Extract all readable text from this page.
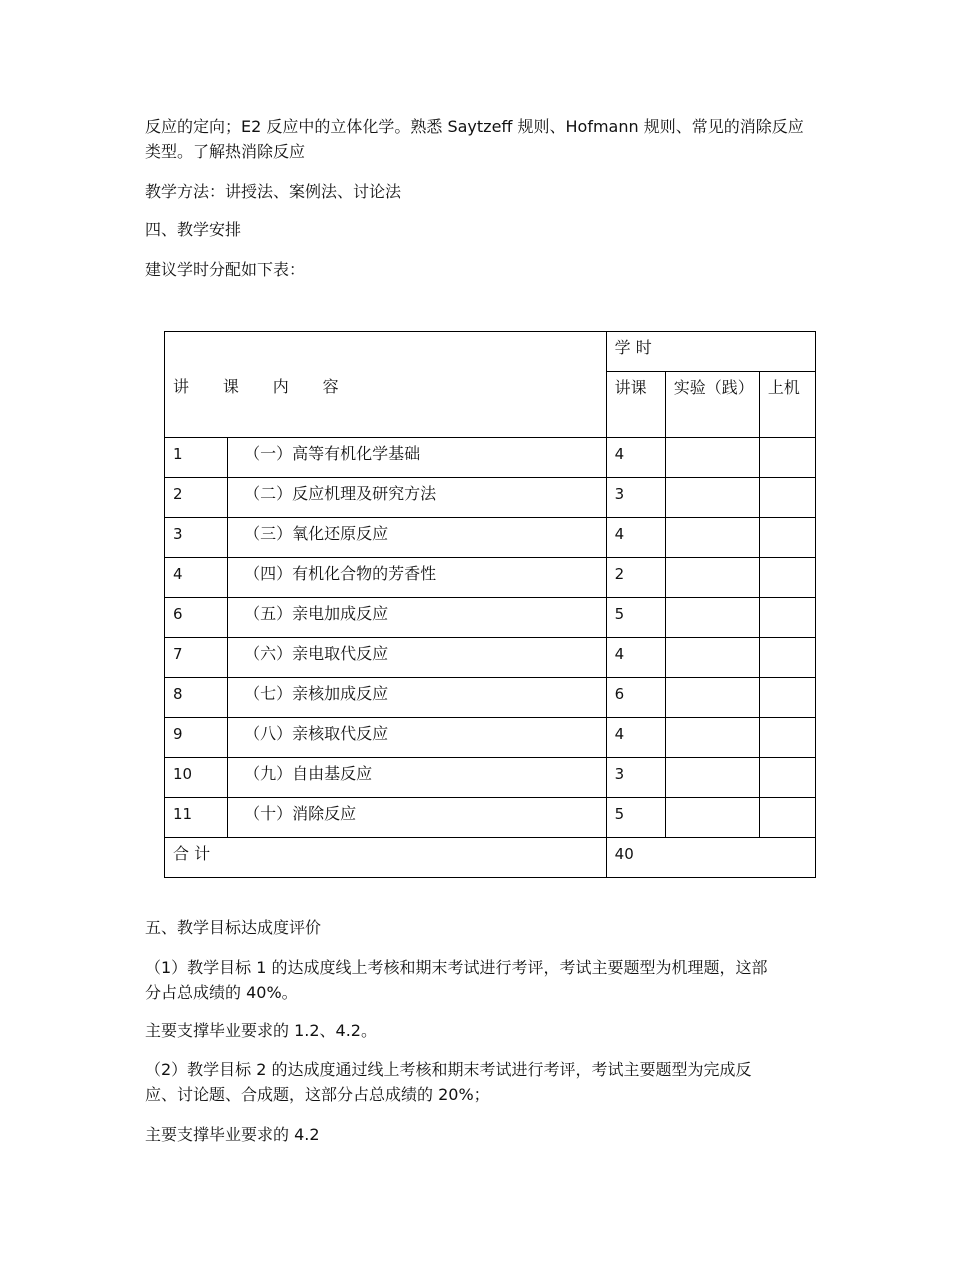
反应的定向；E2 反应中的立体化学。熟悉 Saytzeff 规则、Hofmann 规则、常见的消除反应
类型。了解热消除反应

教学方法：讲授法、案例法、讨论法

四、教学安排

建议学时分配如下表：

讲 课 内 容		学 时		
		讲课	实验（践）	上机
1	（一）高等有机化学基础	4		
2	（二）反应机理及研究方法	3		
3	（三）氧化还原反应	4		
4	（四）有机化合物的芳香性	2		
6	（五）亲电加成反应	5		
7	（六）亲电取代反应	4		
8	（七）亲核加成反应	6		
9	（八）亲核取代反应	4		
10	（九）自由基反应	3		
11	（十）消除反应	5		
合 计		40		

五、教学目标达成度评价

（1）教学目标 1 的达成度线上考核和期末考试进行考评，考试主要题型为机理题，这部
分占总成绩的 40%。

主要支撑毕业要求的 1.2、4.2。

（2）教学目标 2 的达成度通过线上考核和期末考试进行考评，考试主要题型为完成反
应、讨论题、合成题，这部分占总成绩的 20%；

主要支撑毕业要求的 4.2
